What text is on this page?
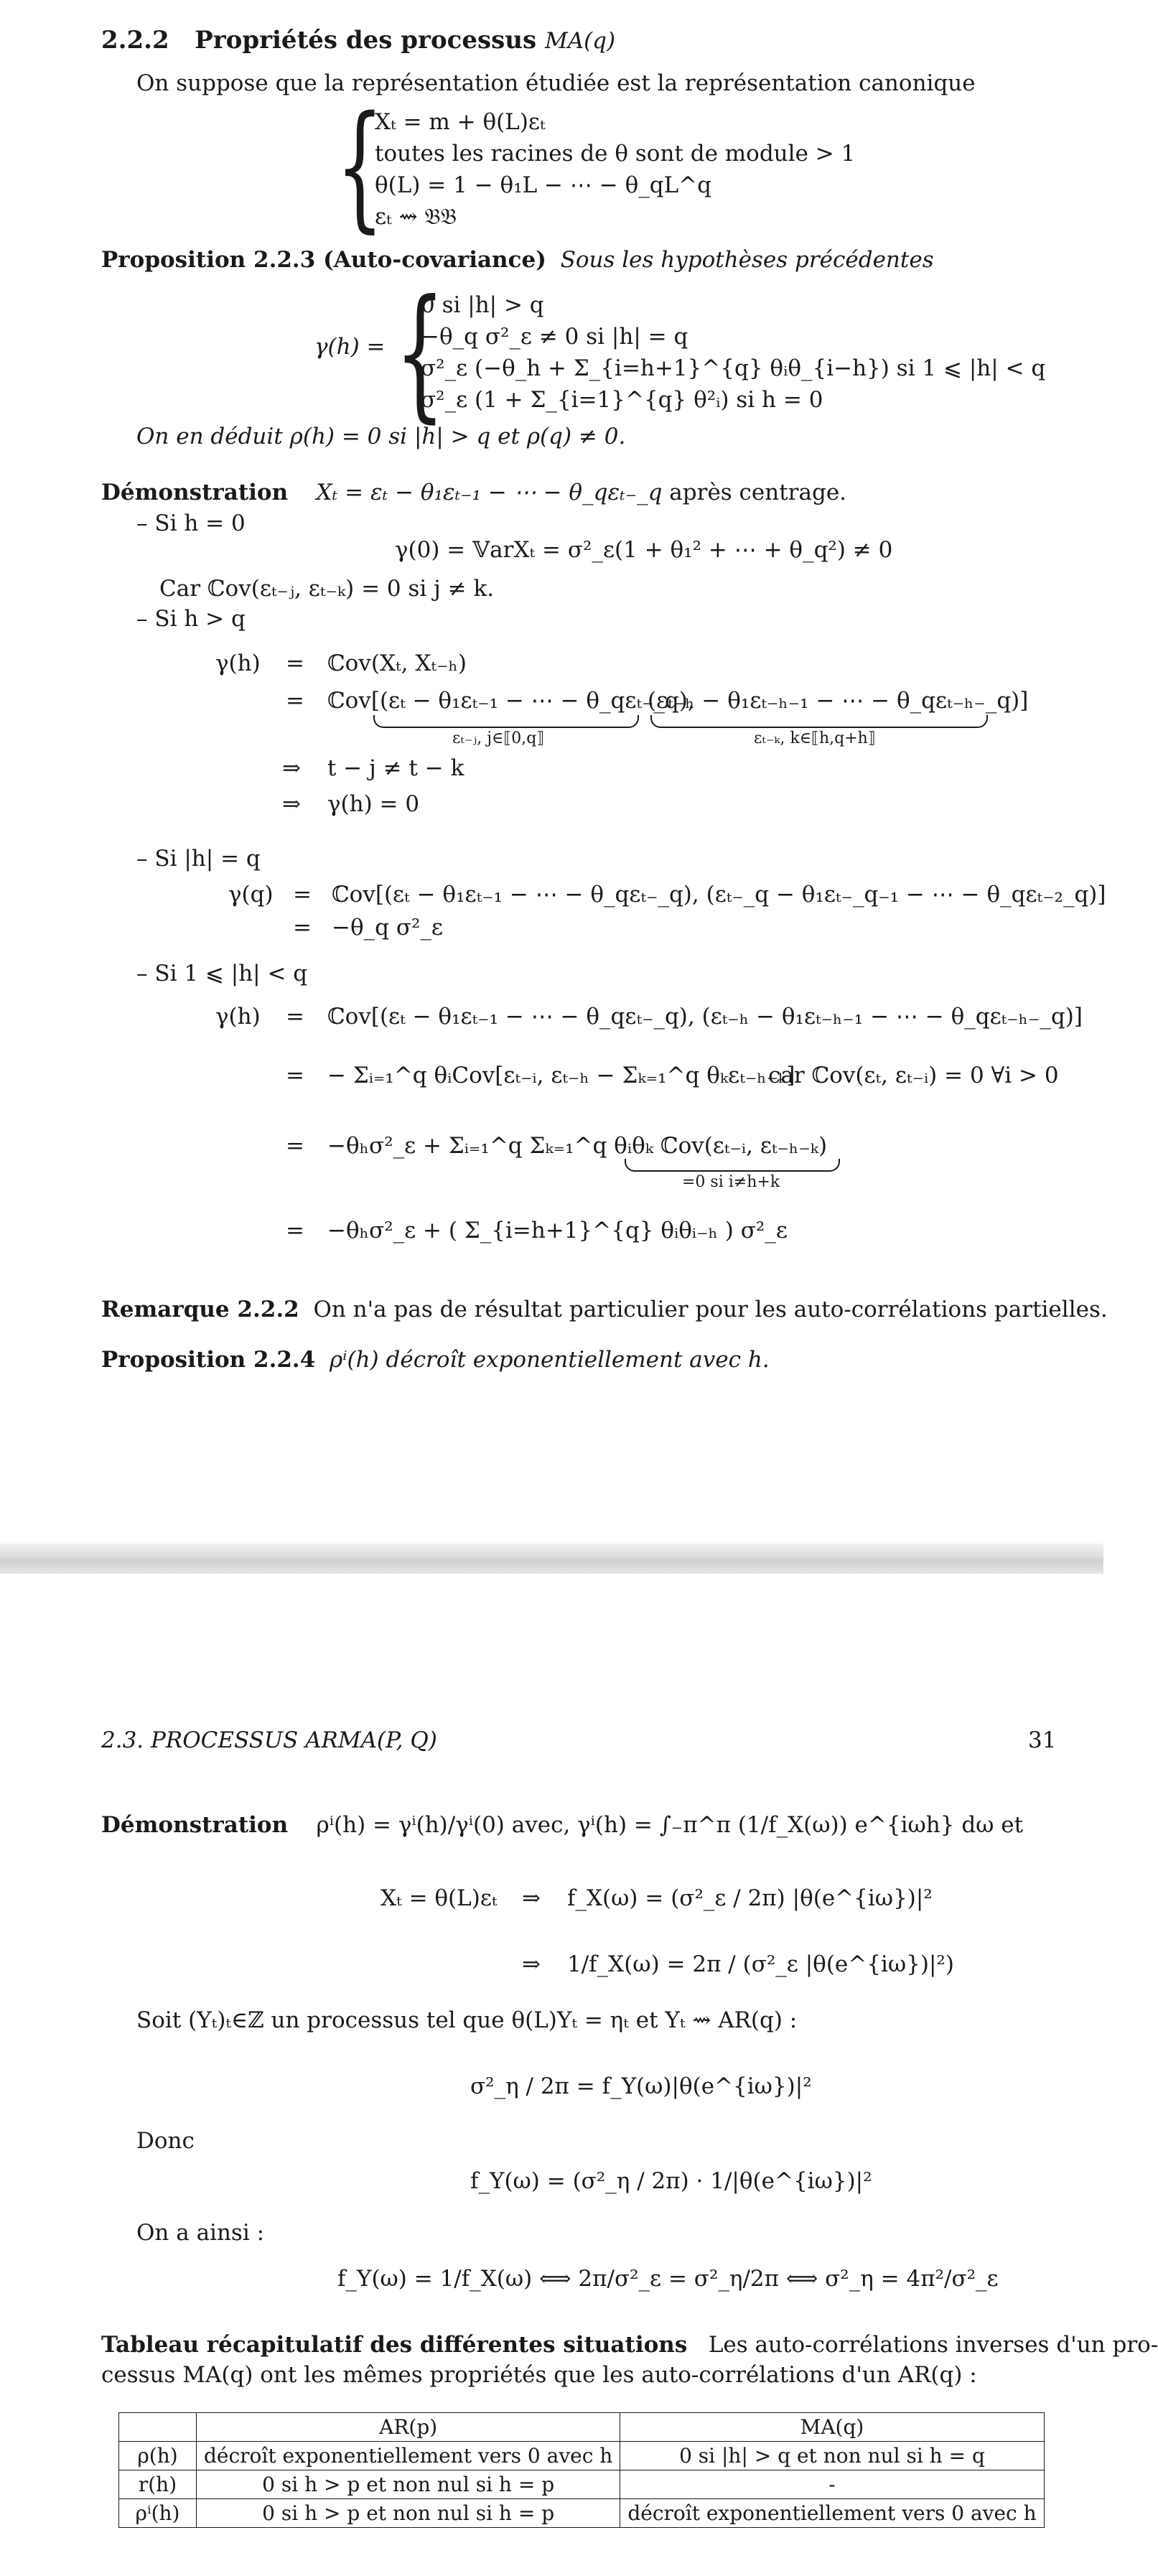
2.2.2 Propriétés des processus MA(q)
On suppose que la représentation étudiée est la représentation canonique
{
Xₜ = m + θ(L)εₜ
toutes les racines de θ sont de module > 1
θ(L) = 1 − θ₁L − ⋯ − θ_qL^q
εₜ ⇝ 𝔅𝔅
Proposition 2.2.3 (Auto-covariance) Sous les hypothèses précédentes
γ(h) = {
0 si |h| > q
−θ_q σ²_ε ≠ 0 si |h| = q
σ²_ε (−θ_h + Σ_{i=h+1}^{q} θᵢθ_{i−h}) si 1 ⩽ |h| < q
σ²_ε (1 + Σ_{i=1}^{q} θ²ᵢ) si h = 0
On en déduit ρ(h) = 0 si |h| > q et ρ(q) ≠ 0.
Démonstration Xₜ = εₜ − θ₁εₜ₋₁ − ⋯ − θ_qεₜ₋_q après centrage.
– Si h = 0
γ(0) = 𝕍arXₜ = σ²_ε(1 + θ₁² + ⋯ + θ_q²) ≠ 0
Car ℂov(εₜ₋ⱼ, εₜ₋ₖ) = 0 si j ≠ k.
– Si h > q
γ(h) = ℂov(Xₜ, Xₜ₋ₕ)
= ℂov[(εₜ − θ₁εₜ₋₁ − ⋯ − θ_qεₜ₋_q),
(εₜ₋ₕ − θ₁εₜ₋ₕ₋₁ − ⋯ − θ_qεₜ₋ₕ₋_q)]
εₜ₋ⱼ, j∈⟦0,q⟧	εₜ₋ₖ, k∈⟦h,q+h⟧
⇒ t − j ≠ t − k
⇒ γ(h) = 0
– Si |h| = q
γ(q) = ℂov[(εₜ − θ₁εₜ₋₁ − ⋯ − θ_qεₜ₋_q), (εₜ₋_q − θ₁εₜ₋_q₋₁ − ⋯ − θ_qεₜ₋₂_q)]
= −θ_q σ²_ε
– Si 1 ⩽ |h| < q
γ(h) = ℂov[(εₜ − θ₁εₜ₋₁ − ⋯ − θ_qεₜ₋_q), (εₜ₋ₕ − θ₁εₜ₋ₕ₋₁ − ⋯ − θ_qεₜ₋ₕ₋_q)]
= − Σᵢ₌₁^q θᵢCov[εₜ₋ᵢ, εₜ₋ₕ − Σₖ₌₁^q θₖεₜ₋ₕ₋ₖ]
car ℂov(εₜ, εₜ₋ᵢ) = 0 ∀i > 0
= −θₕσ²_ε + Σᵢ₌₁^q Σₖ₌₁^q θᵢθₖ ℂov(εₜ₋ᵢ, εₜ₋ₕ₋ₖ)
=0 si i≠h+k
= −θₕσ²_ε + ( Σ_{i=h+1}^{q} θᵢθᵢ₋ₕ ) σ²_ε
Remarque 2.2.2 On n'a pas de résultat particulier pour les auto-corrélations partielles.
Proposition 2.2.4 ρⁱ(h) décroît exponentiellement avec h.
2.3. PROCESSUS ARMA(P, Q)	31
Démonstration ρⁱ(h) = γⁱ(h)/γⁱ(0) avec, γⁱ(h) = ∫₋π^π (1/f_X(ω)) e^{iωh} dω et
Xₜ = θ(L)εₜ ⇒ f_X(ω) = (σ²_ε / 2π) |θ(e^{iω})|²
⇒ 1/f_X(ω) = 2π / (σ²_ε |θ(e^{iω})|²)
Soit (Yₜ)ₜ∈ℤ un processus tel que θ(L)Yₜ = ηₜ et Yₜ ⇝ AR(q) :
σ²_η / 2π = f_Y(ω)|θ(e^{iω})|²
Donc
f_Y(ω) = (σ²_η / 2π) · 1/|θ(e^{iω})|²
On a ainsi :
f_Y(ω) = 1/f_X(ω) ⟺ 2π/σ²_ε = σ²_η/2π ⟺ σ²_η = 4π²/σ²_ε
Tableau récapitulatif des différentes situations Les auto-corrélations inverses d'un pro-
cessus MA(q) ont les mêmes propriétés que les auto-corrélations d'un AR(q) :
	AR(p)	MA(q)
ρ(h)	décroît exponentiellement vers 0 avec h	0 si |h| > q et non nul si h = q
r(h)	0 si h > p et non nul si h = p	-
ρⁱ(h)	0 si h > p et non nul si h = p	décroît exponentiellement vers 0 avec h
